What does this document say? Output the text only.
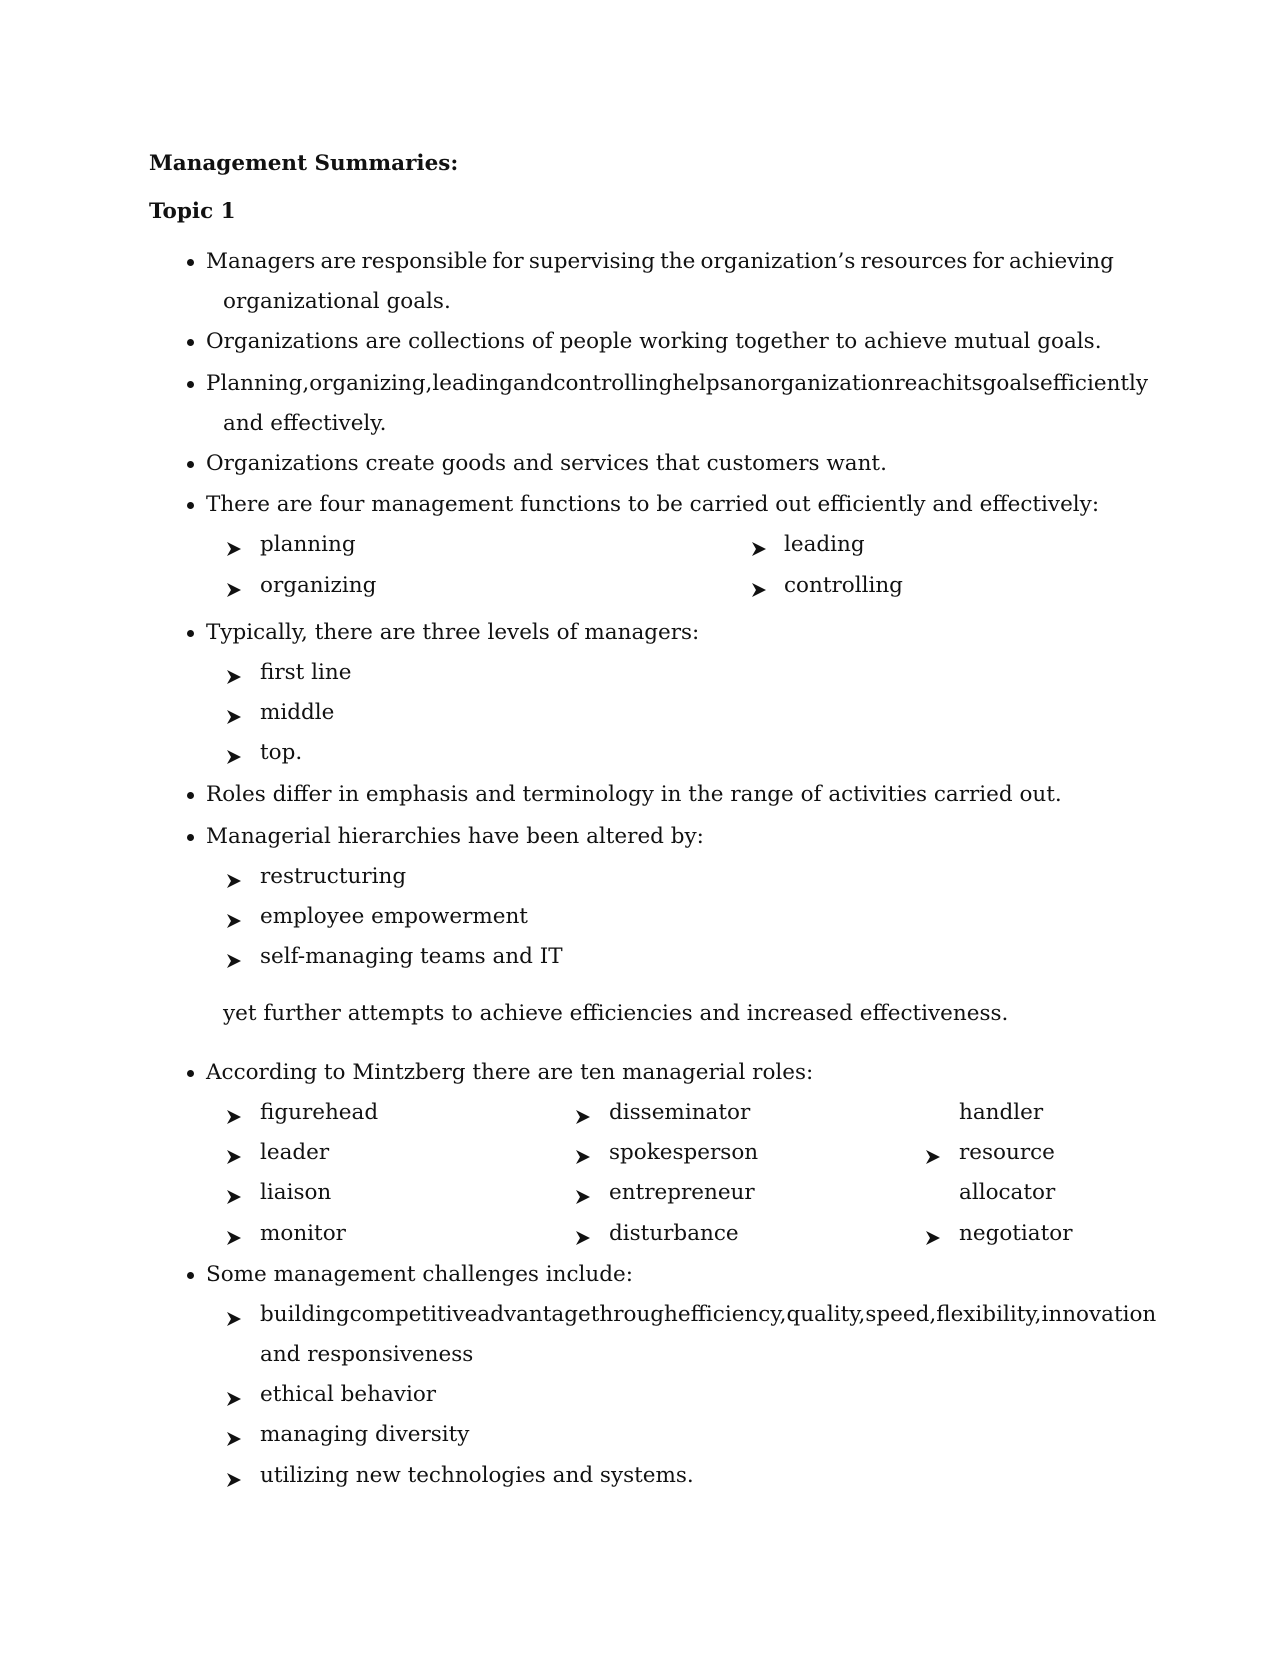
Management Summaries:
Topic 1
Managers are responsible for supervising the organization’s resources for achieving
organizational goals.
Organizations are collections of people working together to achieve mutual goals.
Planning, organizing, leading and controlling helps an organization reach its goals efficiently
and effectively.
Organizations create goods and services that customers want.
There are four management functions to be carried out efficiently and effectively:
planning
organizing
leading
controlling
Typically, there are three levels of managers:
first line
middle
top.
Roles differ in emphasis and terminology in the range of activities carried out.
Managerial hierarchies have been altered by:
restructuring
employee empowerment
self-managing teams and IT
yet further attempts to achieve efficiencies and increased effectiveness.
According to Mintzberg there are ten managerial roles:
figurehead
leader
liaison
monitor
disseminator
spokesperson
entrepreneur
disturbance
handler
resource
allocator
negotiator
Some management challenges include:
building competitive advantage through efficiency, quality, speed, flexibility, innovation
and responsiveness
ethical behavior
managing diversity
utilizing new technologies and systems.
